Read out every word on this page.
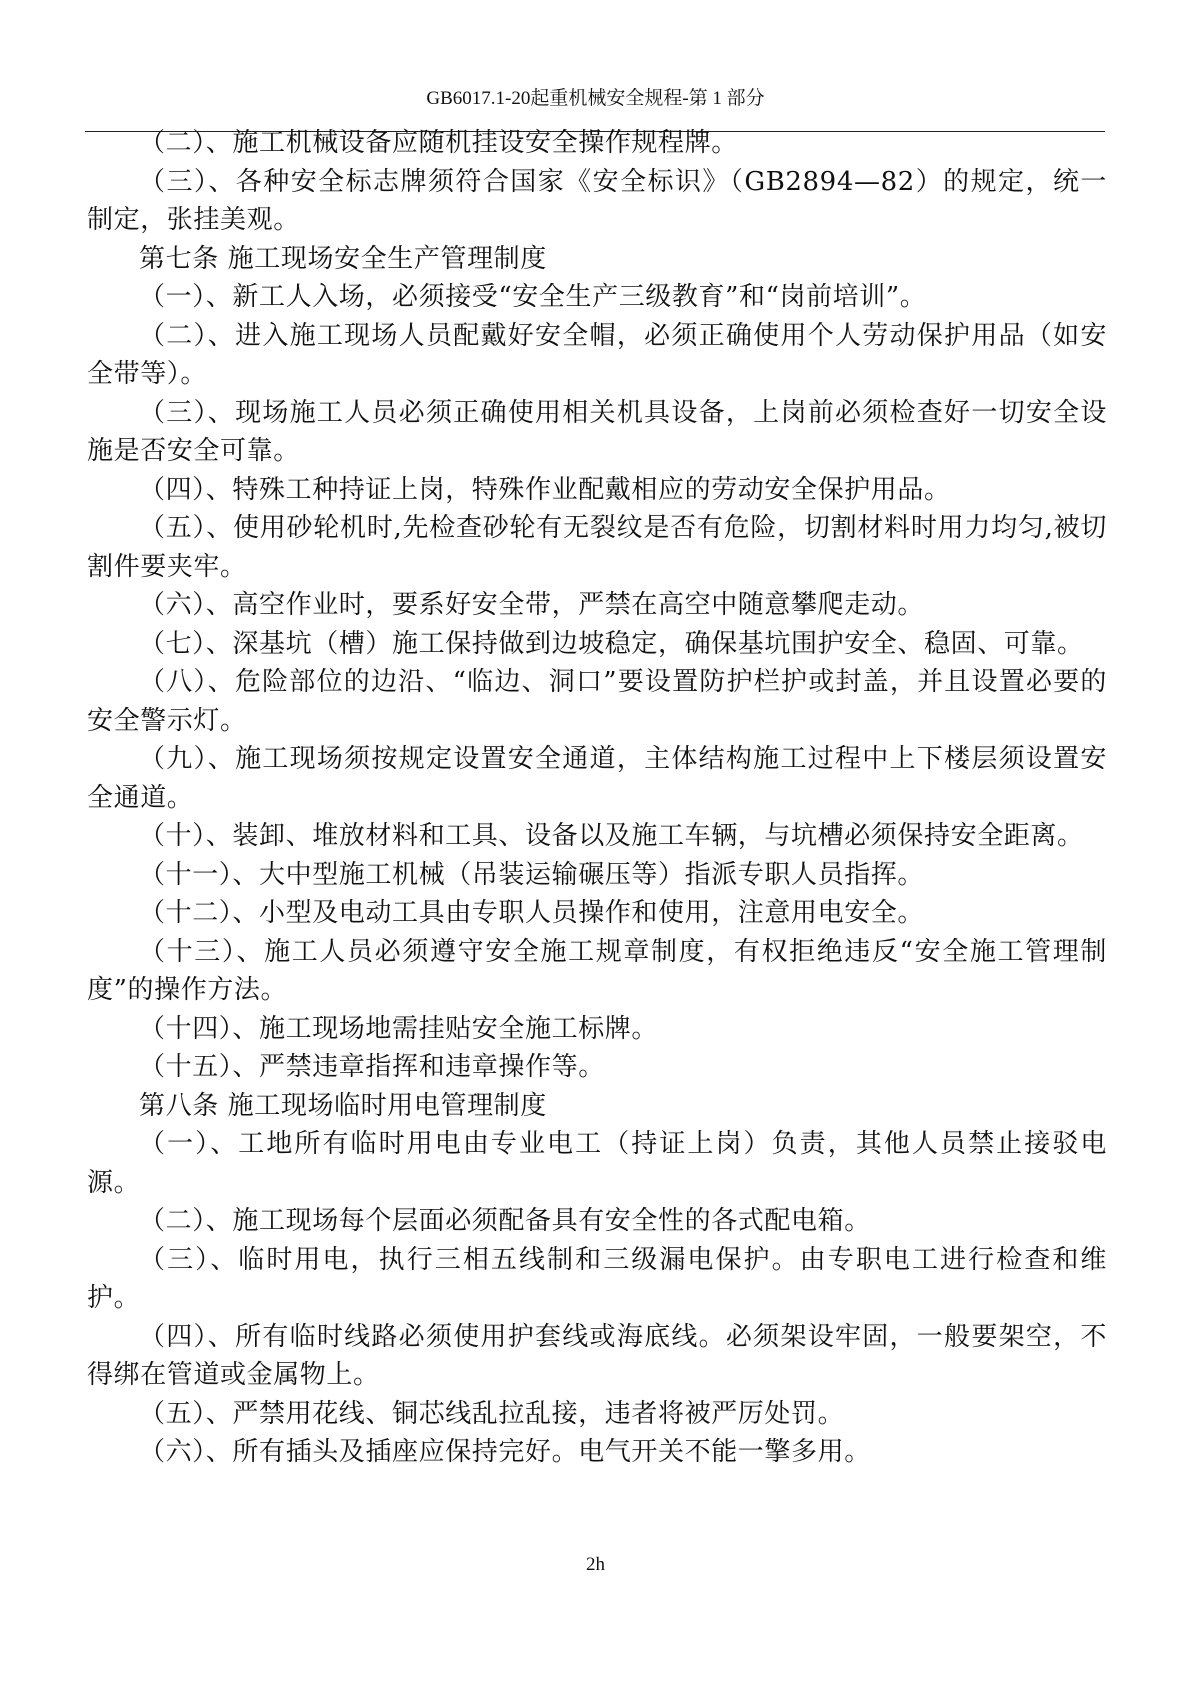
GB6017.1-20起重机械安全规程-第 1 部分

（二）、施工机械设备应随机挂设安全操作规程牌。

（三）、各种安全标志牌须符合国家《安全标识》（GB2894—82）的规定，统一制定，张挂美观。

第七条 施工现场安全生产管理制度

（一）、新工人入场，必须接受“安全生产三级教育”和“岗前培训”。

（二）、进入施工现场人员配戴好安全帽，必须正确使用个人劳动保护用品（如安全带等）。

（三）、现场施工人员必须正确使用相关机具设备，上岗前必须检查好一切安全设施是否安全可靠。

（四）、特殊工种持证上岗，特殊作业配戴相应的劳动安全保护用品。

（五）、使用砂轮机时,先检查砂轮有无裂纹是否有危险，切割材料时用力均匀,被切割件要夹牢。

（六）、高空作业时，要系好安全带，严禁在高空中随意攀爬走动。

（七）、深基坑（槽）施工保持做到边坡稳定，确保基坑围护安全、稳固、可靠。

（八）、危险部位的边沿、“临边、洞口”要设置防护栏护或封盖，并且设置必要的安全警示灯。

（九）、施工现场须按规定设置安全通道，主体结构施工过程中上下楼层须设置安全通道。

（十）、装卸、堆放材料和工具、设备以及施工车辆，与坑槽必须保持安全距离。

（十一）、大中型施工机械（吊装运输碾压等）指派专职人员指挥。

（十二）、小型及电动工具由专职人员操作和使用，注意用电安全。

（十三）、施工人员必须遵守安全施工规章制度，有权拒绝违反“安全施工管理制度”的操作方法。

（十四）、施工现场地需挂贴安全施工标牌。

（十五）、严禁违章指挥和违章操作等。

第八条 施工现场临时用电管理制度

（一）、工地所有临时用电由专业电工（持证上岗）负责，其他人员禁止接驳电源。

（二）、施工现场每个层面必须配备具有安全性的各式配电箱。

（三）、临时用电，执行三相五线制和三级漏电保护。由专职电工进行检查和维护。

（四）、所有临时线路必须使用护套线或海底线。必须架设牢固，一般要架空，不得绑在管道或金属物上。

（五）、严禁用花线、铜芯线乱拉乱接，违者将被严厉处罚。

（六）、所有插头及插座应保持完好。电气开关不能一擎多用。

2h
